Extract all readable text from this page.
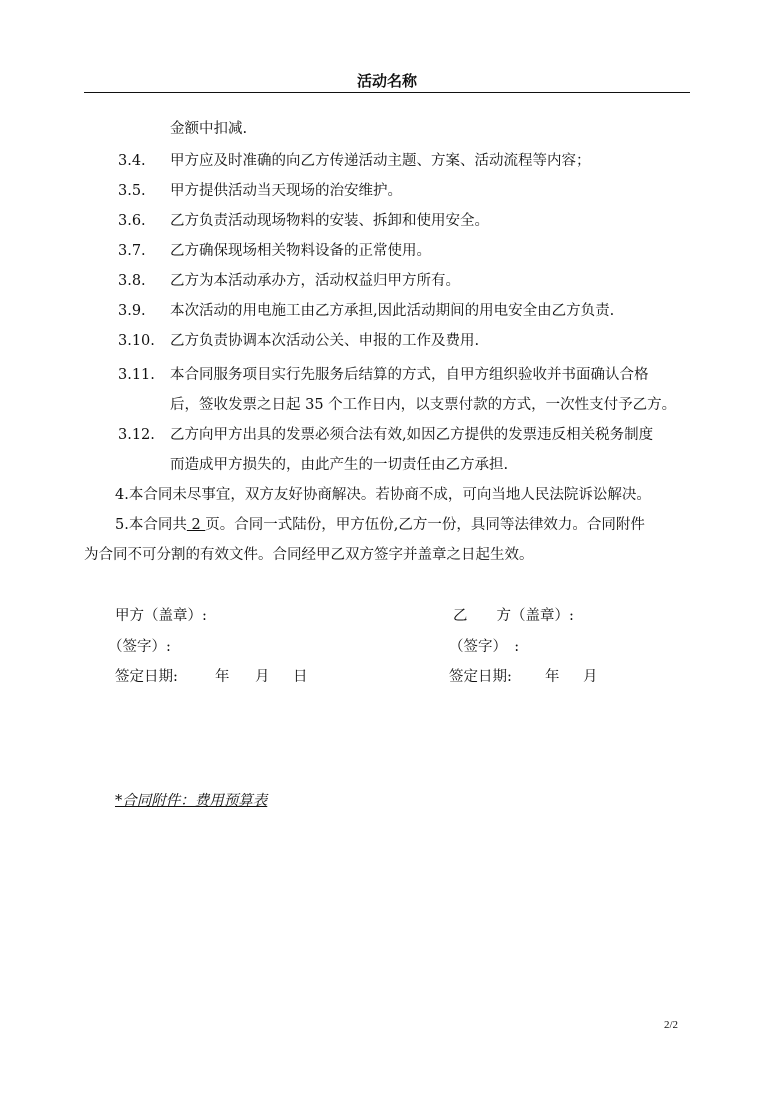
活动名称
金额中扣减.
3.4. 甲方应及时准确的向乙方传递活动主题、方案、活动流程等内容；
3.5. 甲方提供活动当天现场的治安维护。
3.6. 乙方负责活动现场物料的安装、拆卸和使用安全。
3.7. 乙方确保现场相关物料设备的正常使用。
3.8. 乙方为本活动承办方，活动权益归甲方所有。
3.9. 本次活动的用电施工由乙方承担,因此活动期间的用电安全由乙方负责.
3.10. 乙方负责协调本次活动公关、申报的工作及费用.
3.11. 本合同服务项目实行先服务后结算的方式，自甲方组织验收并书面确认合格
后，签收发票之日起 35 个工作日内，以支票付款的方式，一次性支付予乙方。
3.12. 乙方向甲方出具的发票必须合法有效,如因乙方提供的发票违反相关税务制度
而造成甲方损失的，由此产生的一切责任由乙方承担.
4.本合同未尽事宜，双方友好协商解决。若协商不成，可向当地人民法院诉讼解决。
5.本合同共 2 页。合同一式陆份，甲方伍份,乙方一份，具同等法律效力。合同附件
为合同不可分割的有效文件。合同经甲乙双方签字并盖章之日起生效。
甲方（盖章）:
（签字）:
签定日期:	年 月 日
乙　　方（盖章）:
（签字）　:
签定日期: 年 月
*合同附件：费用预算表
2/2
